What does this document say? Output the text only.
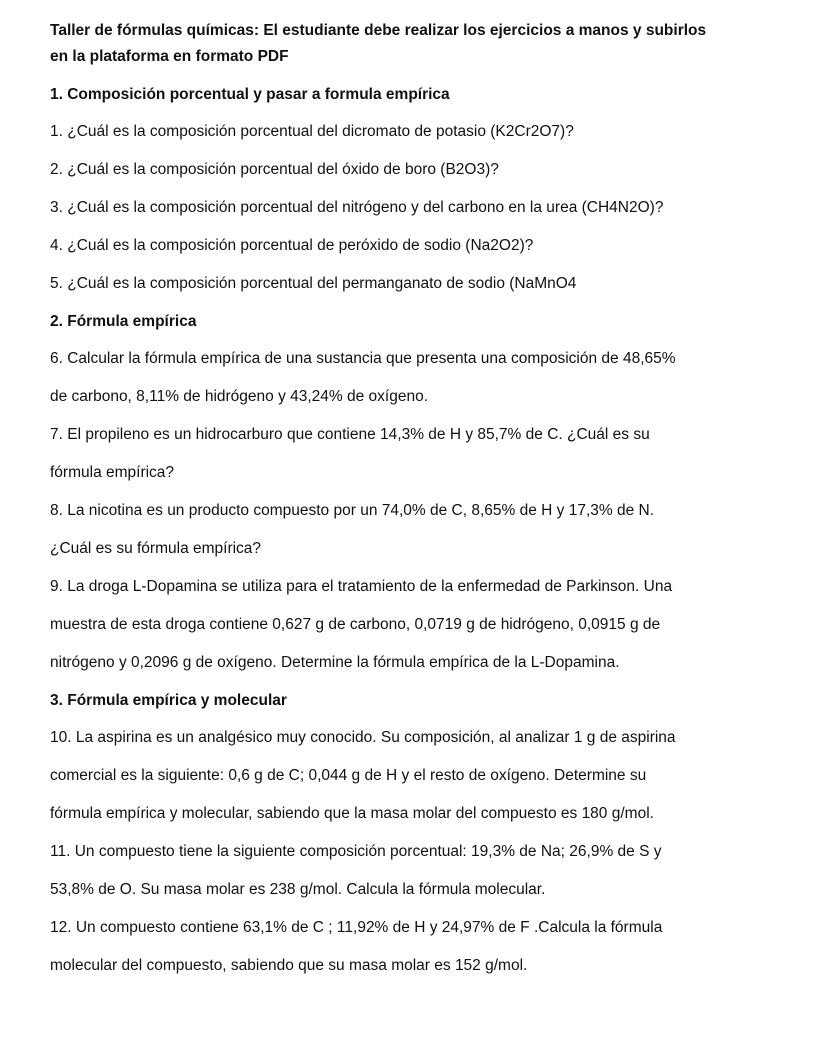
Taller de fórmulas químicas: El estudiante debe realizar los ejercicios a manos y subirlos
en la plataforma en formato PDF
1. Composición porcentual y pasar a formula empírica
1. ¿Cuál es la composición porcentual del dicromato de potasio (K2Cr2O7)?
2. ¿Cuál es la composición porcentual del óxido de boro (B2O3)?
3. ¿Cuál es la composición porcentual del nitrógeno y del carbono en la urea (CH4N2O)?
4. ¿Cuál es la composición porcentual de peróxido de sodio (Na2O2)?
5. ¿Cuál es la composición porcentual del permanganato de sodio (NaMnO4
2. Fórmula empírica
6. Calcular la fórmula empírica de una sustancia que presenta una composición de 48,65%
de carbono, 8,11% de hidrógeno y 43,24% de oxígeno.
7. El propileno es un hidrocarburo que contiene 14,3% de H y 85,7% de C. ¿Cuál es su
fórmula empírica?
8. La nicotina es un producto compuesto por un 74,0% de C, 8,65% de H y 17,3% de N.
¿Cuál es su fórmula empírica?
9. La droga L-Dopamina se utiliza para el tratamiento de la enfermedad de Parkinson. Una
muestra de esta droga contiene 0,627 g de carbono, 0,0719 g de hidrógeno, 0,0915 g de
nitrógeno y 0,2096 g de oxígeno. Determine la fórmula empírica de la L-Dopamina.
3. Fórmula empírica y molecular
10. La aspirina es un analgésico muy conocido. Su composición, al analizar 1 g de aspirina
comercial es la siguiente: 0,6 g de C; 0,044 g de H y el resto de oxígeno. Determine su
fórmula empírica y molecular, sabiendo que la masa molar del compuesto es 180 g/mol.
11. Un compuesto tiene la siguiente composición porcentual: 19,3% de Na; 26,9% de S y
53,8% de O. Su masa molar es 238 g/mol. Calcula la fórmula molecular.
12. Un compuesto contiene 63,1% de C ; 11,92% de H y 24,97% de F .Calcula la fórmula
molecular del compuesto, sabiendo que su masa molar es 152 g/mol.
